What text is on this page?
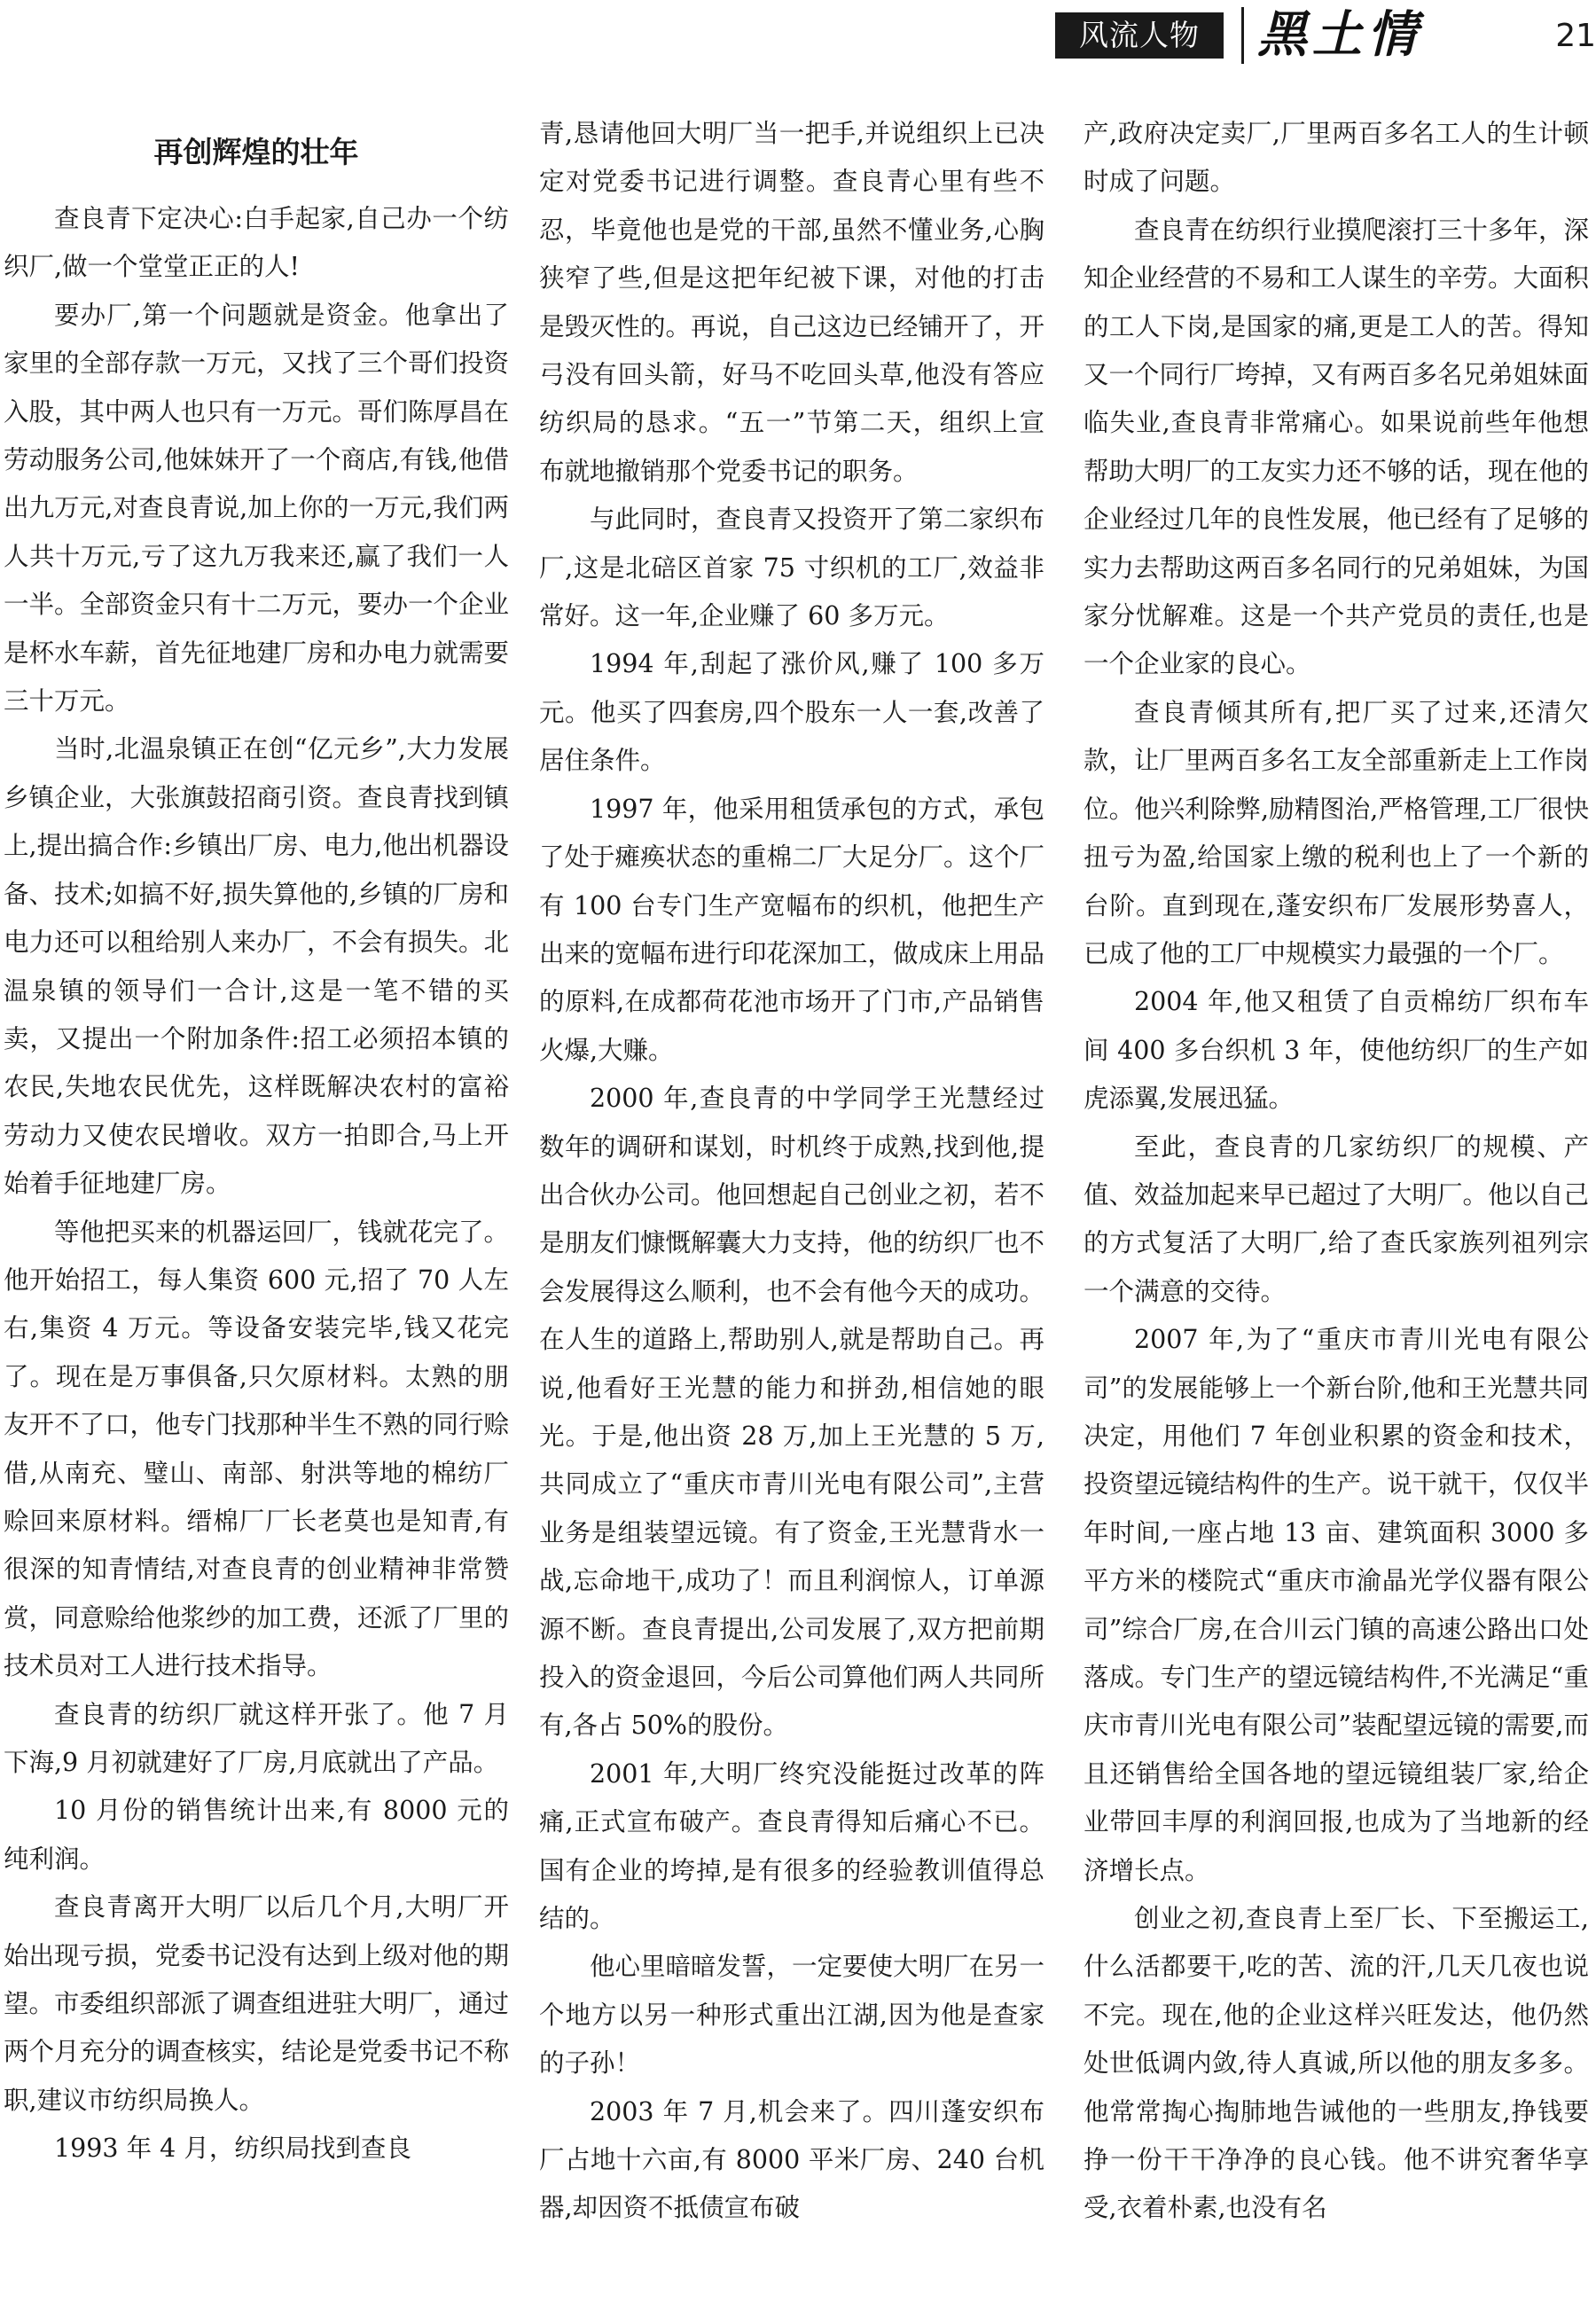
风流人物	黑土情	21
再创辉煌的壮年

查良青下定决心:白手起家,自己办一个纺织厂,做一个堂堂正正的人!

要办厂,第一个问题就是资金。他拿出了家里的全部存款一万元，又找了三个哥们投资入股，其中两人也只有一万元。哥们陈厚昌在劳动服务公司,他妹妹开了一个商店,有钱,他借出九万元,对查良青说,加上你的一万元,我们两人共十万元,亏了这九万我来还,赢了我们一人一半。全部资金只有十二万元，要办一个企业是杯水车薪，首先征地建厂房和办电力就需要三十万元。

当时,北温泉镇正在创“亿元乡”,大力发展乡镇企业，大张旗鼓招商引资。查良青找到镇上,提出搞合作:乡镇出厂房、电力,他出机器设备、技术;如搞不好,损失算他的,乡镇的厂房和电力还可以租给别人来办厂，不会有损失。北温泉镇的领导们一合计,这是一笔不错的买卖，又提出一个附加条件:招工必须招本镇的农民,失地农民优先，这样既解决农村的富裕劳动力又使农民增收。双方一拍即合,马上开始着手征地建厂房。

等他把买来的机器运回厂，钱就花完了。他开始招工，每人集资 600 元,招了 70 人左右,集资 4 万元。等设备安装完毕,钱又花完了。现在是万事俱备,只欠原材料。太熟的朋友开不了口，他专门找那种半生不熟的同行赊借,从南充、璧山、南部、射洪等地的棉纺厂赊回来原材料。缙棉厂厂长老莫也是知青,有很深的知青情结,对查良青的创业精神非常赞赏，同意赊给他浆纱的加工费，还派了厂里的技术员对工人进行技术指导。

查良青的纺织厂就这样开张了。他 7 月下海,9 月初就建好了厂房,月底就出了产品。

10 月份的销售统计出来,有 8000 元的纯利润。

查良青离开大明厂以后几个月,大明厂开始出现亏损，党委书记没有达到上级对他的期望。市委组织部派了调查组进驻大明厂，通过两个月充分的调查核实，结论是党委书记不称职,建议市纺织局换人。

1993 年 4 月，纺织局找到查良

青,恳请他回大明厂当一把手,并说组织上已决定对党委书记进行调整。查良青心里有些不忍，毕竟他也是党的干部,虽然不懂业务,心胸狭窄了些,但是这把年纪被下课，对他的打击是毁灭性的。再说，自己这边已经铺开了，开弓没有回头箭，好马不吃回头草,他没有答应纺织局的恳求。“五一”节第二天，组织上宣布就地撤销那个党委书记的职务。

与此同时，查良青又投资开了第二家织布厂,这是北碚区首家 75 寸织机的工厂,效益非常好。这一年,企业赚了 60 多万元。

1994 年,刮起了涨价风,赚了 100 多万元。他买了四套房,四个股东一人一套,改善了居住条件。

1997 年，他采用租赁承包的方式，承包了处于瘫痪状态的重棉二厂大足分厂。这个厂有 100 台专门生产宽幅布的织机，他把生产出来的宽幅布进行印花深加工，做成床上用品的原料,在成都荷花池市场开了门市,产品销售火爆,大赚。

2000 年,查良青的中学同学王光慧经过数年的调研和谋划，时机终于成熟,找到他,提出合伙办公司。他回想起自己创业之初，若不是朋友们慷慨解囊大力支持，他的纺织厂也不会发展得这么顺利，也不会有他今天的成功。在人生的道路上,帮助别人,就是帮助自己。再说,他看好王光慧的能力和拼劲,相信她的眼光。于是,他出资 28 万,加上王光慧的 5 万,共同成立了“重庆市青川光电有限公司”,主营业务是组装望远镜。有了资金,王光慧背水一战,忘命地干,成功了！而且利润惊人，订单源源不断。查良青提出,公司发展了,双方把前期投入的资金退回，今后公司算他们两人共同所有,各占 50%的股份。

2001 年,大明厂终究没能挺过改革的阵痛,正式宣布破产。查良青得知后痛心不已。国有企业的垮掉,是有很多的经验教训值得总结的。

他心里暗暗发誓，一定要使大明厂在另一个地方以另一种形式重出江湖,因为他是查家的子孙！

2003 年 7 月,机会来了。四川蓬安织布厂占地十六亩,有 8000 平米厂房、240 台机器,却因资不抵债宣布破

产,政府决定卖厂,厂里两百多名工人的生计顿时成了问题。

查良青在纺织行业摸爬滚打三十多年，深知企业经营的不易和工人谋生的辛劳。大面积的工人下岗,是国家的痛,更是工人的苦。得知又一个同行厂垮掉，又有两百多名兄弟姐妹面临失业,查良青非常痛心。如果说前些年他想帮助大明厂的工友实力还不够的话，现在他的企业经过几年的良性发展，他已经有了足够的实力去帮助这两百多名同行的兄弟姐妹，为国家分忧解难。这是一个共产党员的责任,也是一个企业家的良心。

查良青倾其所有,把厂买了过来,还清欠款，让厂里两百多名工友全部重新走上工作岗位。他兴利除弊,励精图治,严格管理,工厂很快扭亏为盈,给国家上缴的税利也上了一个新的台阶。直到现在,蓬安织布厂发展形势喜人，已成了他的工厂中规模实力最强的一个厂。

2004 年,他又租赁了自贡棉纺厂织布车间 400 多台织机 3 年，使他纺织厂的生产如虎添翼,发展迅猛。

至此，查良青的几家纺织厂的规模、产值、效益加起来早已超过了大明厂。他以自己的方式复活了大明厂,给了查氏家族列祖列宗一个满意的交待。

2007 年,为了“重庆市青川光电有限公司”的发展能够上一个新台阶,他和王光慧共同决定，用他们 7 年创业积累的资金和技术，投资望远镜结构件的生产。说干就干，仅仅半年时间,一座占地 13 亩、建筑面积 3000 多平方米的楼院式“重庆市渝晶光学仪器有限公司”综合厂房,在合川云门镇的高速公路出口处落成。专门生产的望远镜结构件,不光满足“重庆市青川光电有限公司”装配望远镜的需要,而且还销售给全国各地的望远镜组装厂家,给企业带回丰厚的利润回报,也成为了当地新的经济增长点。

创业之初,查良青上至厂长、下至搬运工,什么活都要干,吃的苦、流的汗,几天几夜也说不完。现在,他的企业这样兴旺发达，他仍然处世低调内敛,待人真诚,所以他的朋友多多。他常常掏心掏肺地告诫他的一些朋友,挣钱要挣一份干干净净的良心钱。他不讲究奢华享受,衣着朴素,也没有名
